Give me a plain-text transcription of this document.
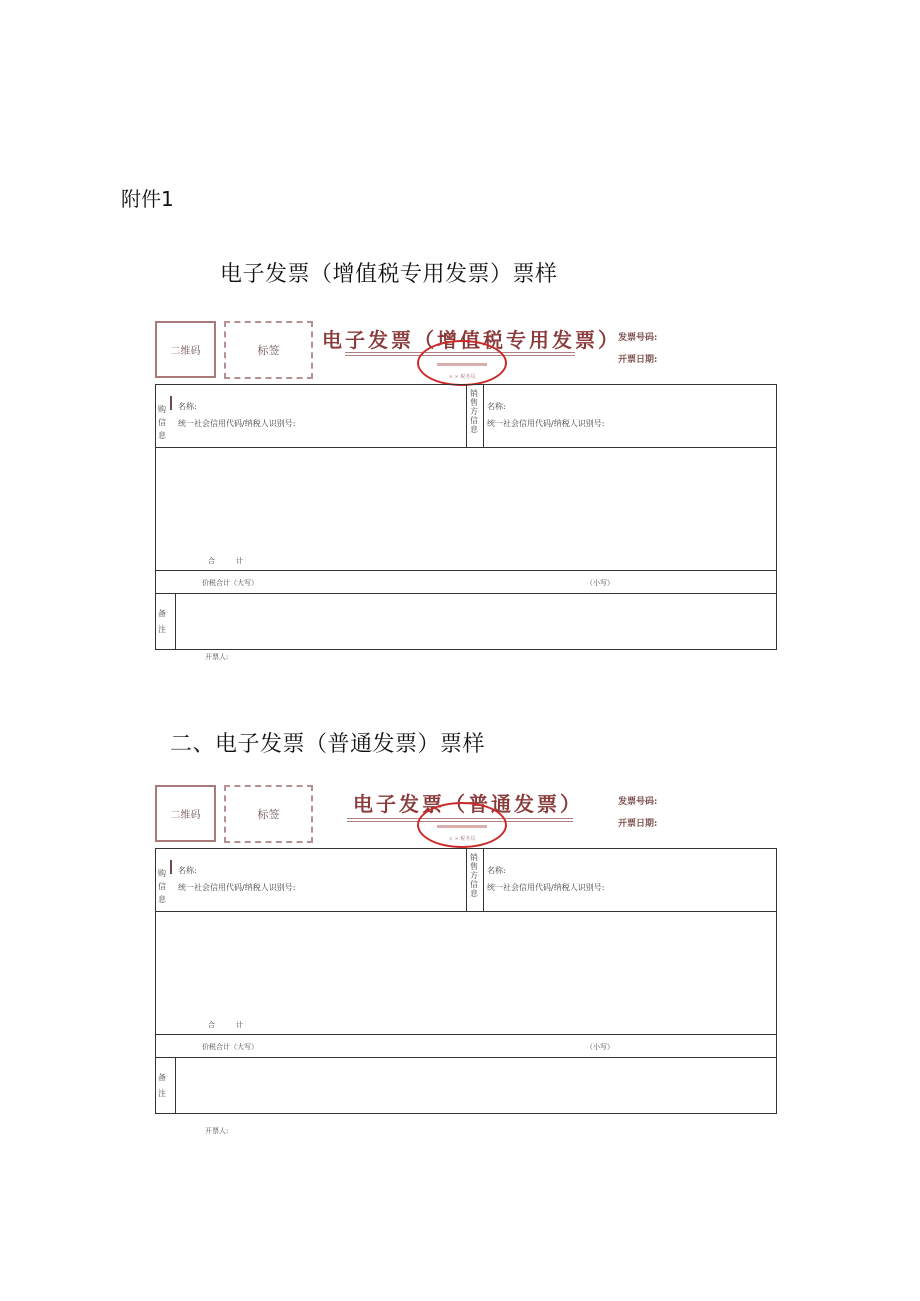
附件1
电子发票（增值税专用发票）票样
二维码	标签 电子发票（增值税专用发票）
× × 税务局
发票号码:
开票日期:
购 信 息
名称:
统一社会信用代码/纳税人识别号:
销 售 方 信 息
名称:
统一社会信用代码/纳税人识别号:
合　　　计
价税合计（大写）	（小写）
备 注
开票人:
二、电子发票（普通发票）票样
二维码	标签	电子发票（普通发票）
× × 税务局
发票号码:
开票日期:
购 信 息
名称:
统一社会信用代码/纳税人识别号:
销 售 方 信 息
名称:
统一社会信用代码/纳税人识别号:
合　　　计
价税合计（大写）	（小写）
备 注
开票人:
